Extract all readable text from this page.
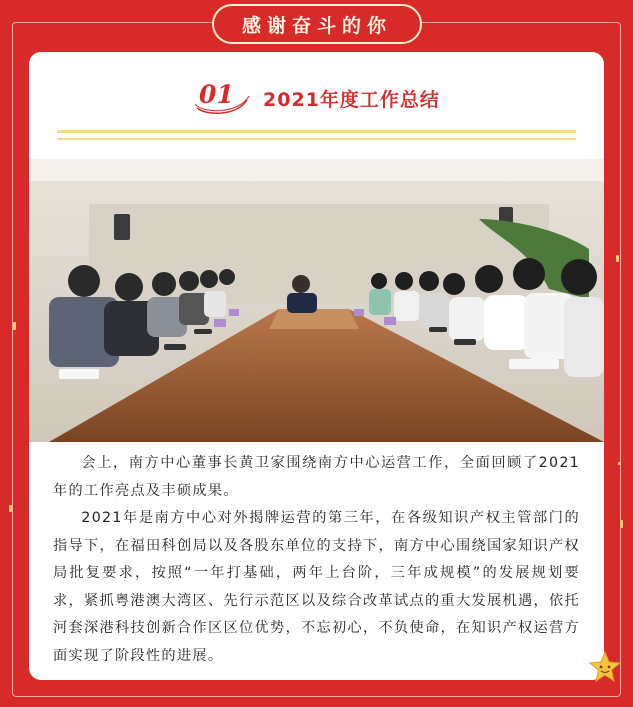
感谢奋斗的你
01 2021年度工作总结

会上，南方中心董事长黄卫家围绕南方中心运营工作，全面回顾了2021年的工作亮点及丰硕成果。

2021年是南方中心对外揭牌运营的第三年，在各级知识产权主管部门的指导下，在福田科创局以及各股东单位的支持下，南方中心围绕国家知识产权局批复要求，按照“一年打基础，两年上台阶，三年成规模”的发展规划要求，紧抓粤港澳大湾区、先行示范区以及综合改革试点的重大发展机遇，依托河套深港科技创新合作区区位优势，不忘初心，不负使命，在知识产权运营方面实现了阶段性的进展。
